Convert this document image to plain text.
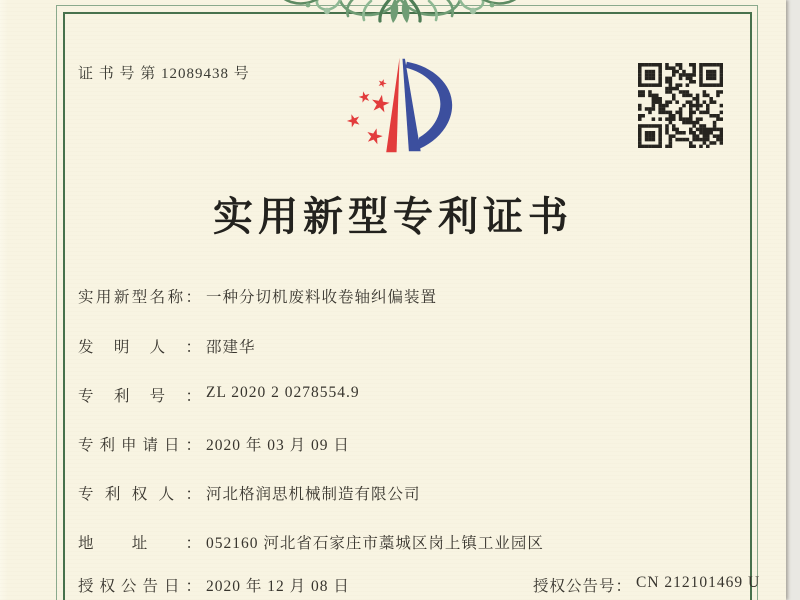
证 书 号 第 12089438 号
实用新型专利证书
实用新型名称： 一种分切机废料收卷轴纠偏装置
发明人： 邵建华
专利号： ZL 2020 2 0278554.9
专利申请日： 2020 年 03 月 09 日
专利权人： 河北格润思机械制造有限公司
地址： 052160 河北省石家庄市藁城区岗上镇工业园区
授权公告日： 2020 年 12 月 08 日	授权公告号： CN 212101469 U
